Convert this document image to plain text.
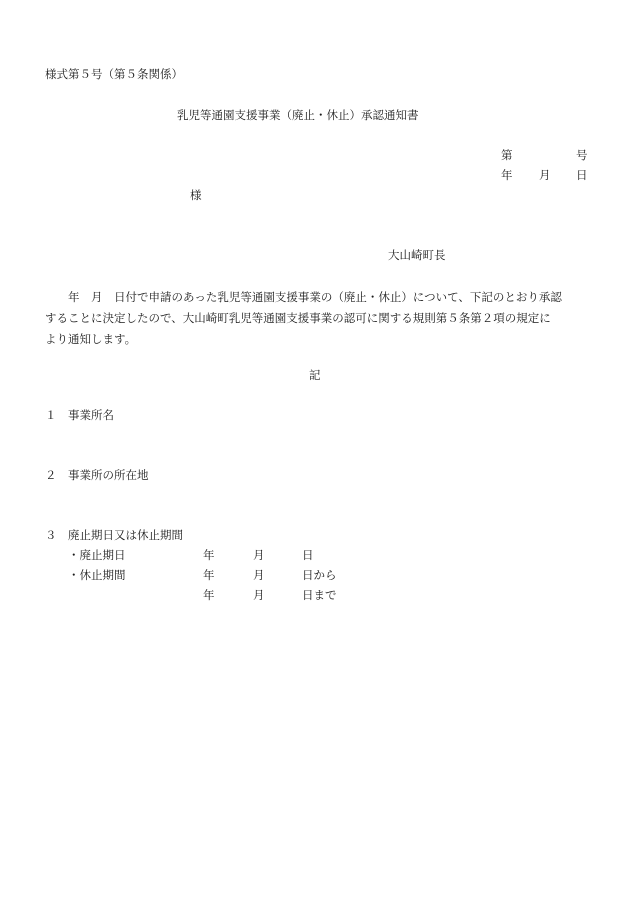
様式第５号（第５条関係）
乳児等通園支援事業（廃止・休止）承認通知書
第	号
年 月 日
様
大山崎町長

　　年　月　日付で申請のあった乳児等通園支援事業の（廃止・休止）について、下記のとおり承認

することに決定したので、大山崎町乳児等通園支援事業の認可に関する規則第５条第２項の規定に

より通知します。

記
１ 事業所名
２ 事業所の所在地
３ 廃止期日又は休止期間
・廃止期日	年	月	日
・休止期間	年	月	日から
年	月	日まで
